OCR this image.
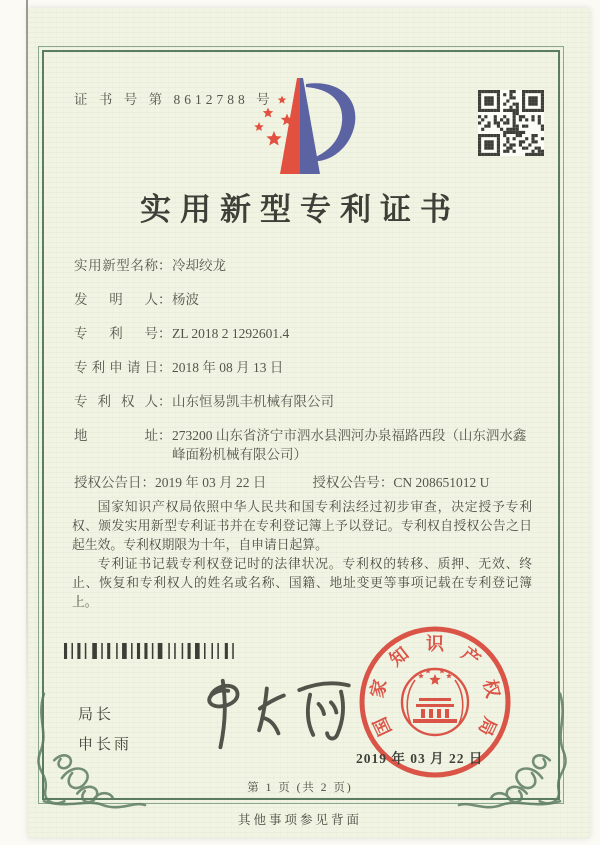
证 书 号 第 8612788 号
实用新型专利证书
实用新型名称 ： 冷却绞龙
发明人 ： 杨波
专利号 ： ZL 2018 2 1292601.4
专利申请日 ： 2018 年 08 月 13 日
专利权人 ： 山东恒易凯丰机械有限公司
地址 ： 273200 山东省济宁市泗水县泗河办泉福路西段（山东泗水鑫峰面粉机械有限公司）
授权公告日：2019 年 03 月 22 日	授权公告号：CN 208651012 U

国家知识产权局依照中华人民共和国专利法经过初步审查，决定授予专利权、颁发实用新型专利证书并在专利登记簿上予以登记。专利权自授权公告之日起生效。专利权期限为十年，自申请日起算。

专利证书记载专利权登记时的法律状况。专利权的转移、质押、无效、终止、恢复和专利权人的姓名或名称、国籍、地址变更等事项记载在专利登记簿上。

局长
申长雨
国
家
知 识 产
权
局
2019 年 03 月 22 日
第 1 页 (共 2 页)
其他事项参见背面
